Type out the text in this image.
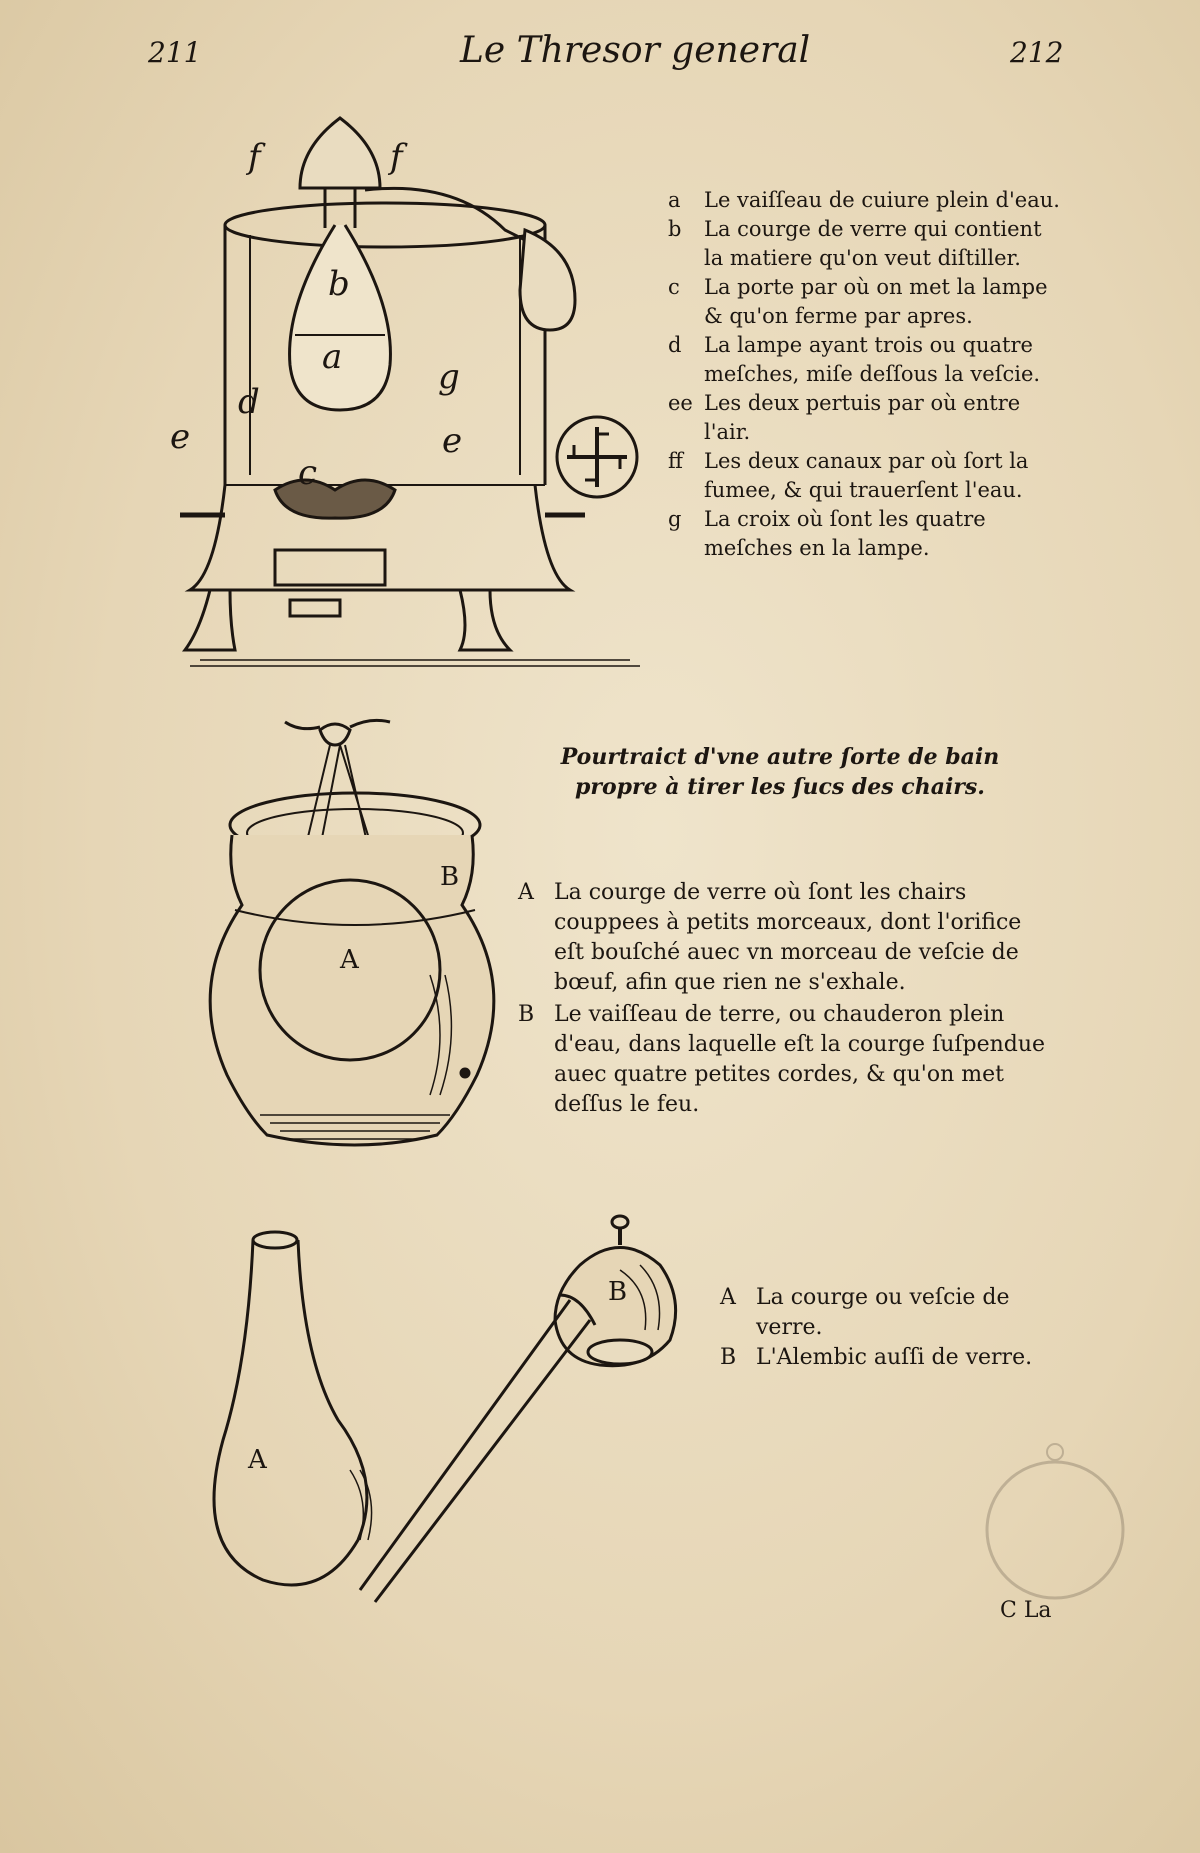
211	Le Thresor general	212
f	f
b
a	g
d
e	e
c
a	Le vaiſſeau de cuiure plein d'eau.
b	La courge de verre qui contient la matiere qu'on veut diſtiller.
c	La porte par où on met la lampe & qu'on ferme par apres.
d	La lampe ayant trois ou quatre meſches, miſe deſſous la veſcie.
ee Les deux pertuis par où entre l'air.
ff	Les deux canaux par où ſort la fumee, & qui trauerſent l'eau.
g	La croix où ſont les quatre meſches en la lampe.
Pourtraict d'vne autre ſorte de bain propre à tirer les ſucs des chairs.
A
B
A La courge de verre où ſont les chairs couppees à petits morceaux, dont l'orifice eſt bouſché auec vn morceau de veſcie de bœuf, afin que rien ne s'exhale.
B Le vaiſſeau de terre, ou chauderon plein d'eau, dans laquelle eſt la courge ſuſpendue auec quatre petites cordes, & qu'on met deſſus le feu.
A
B	A La courge ou veſcie de verre.
B L'Alembic auſſi de verre.
C La
